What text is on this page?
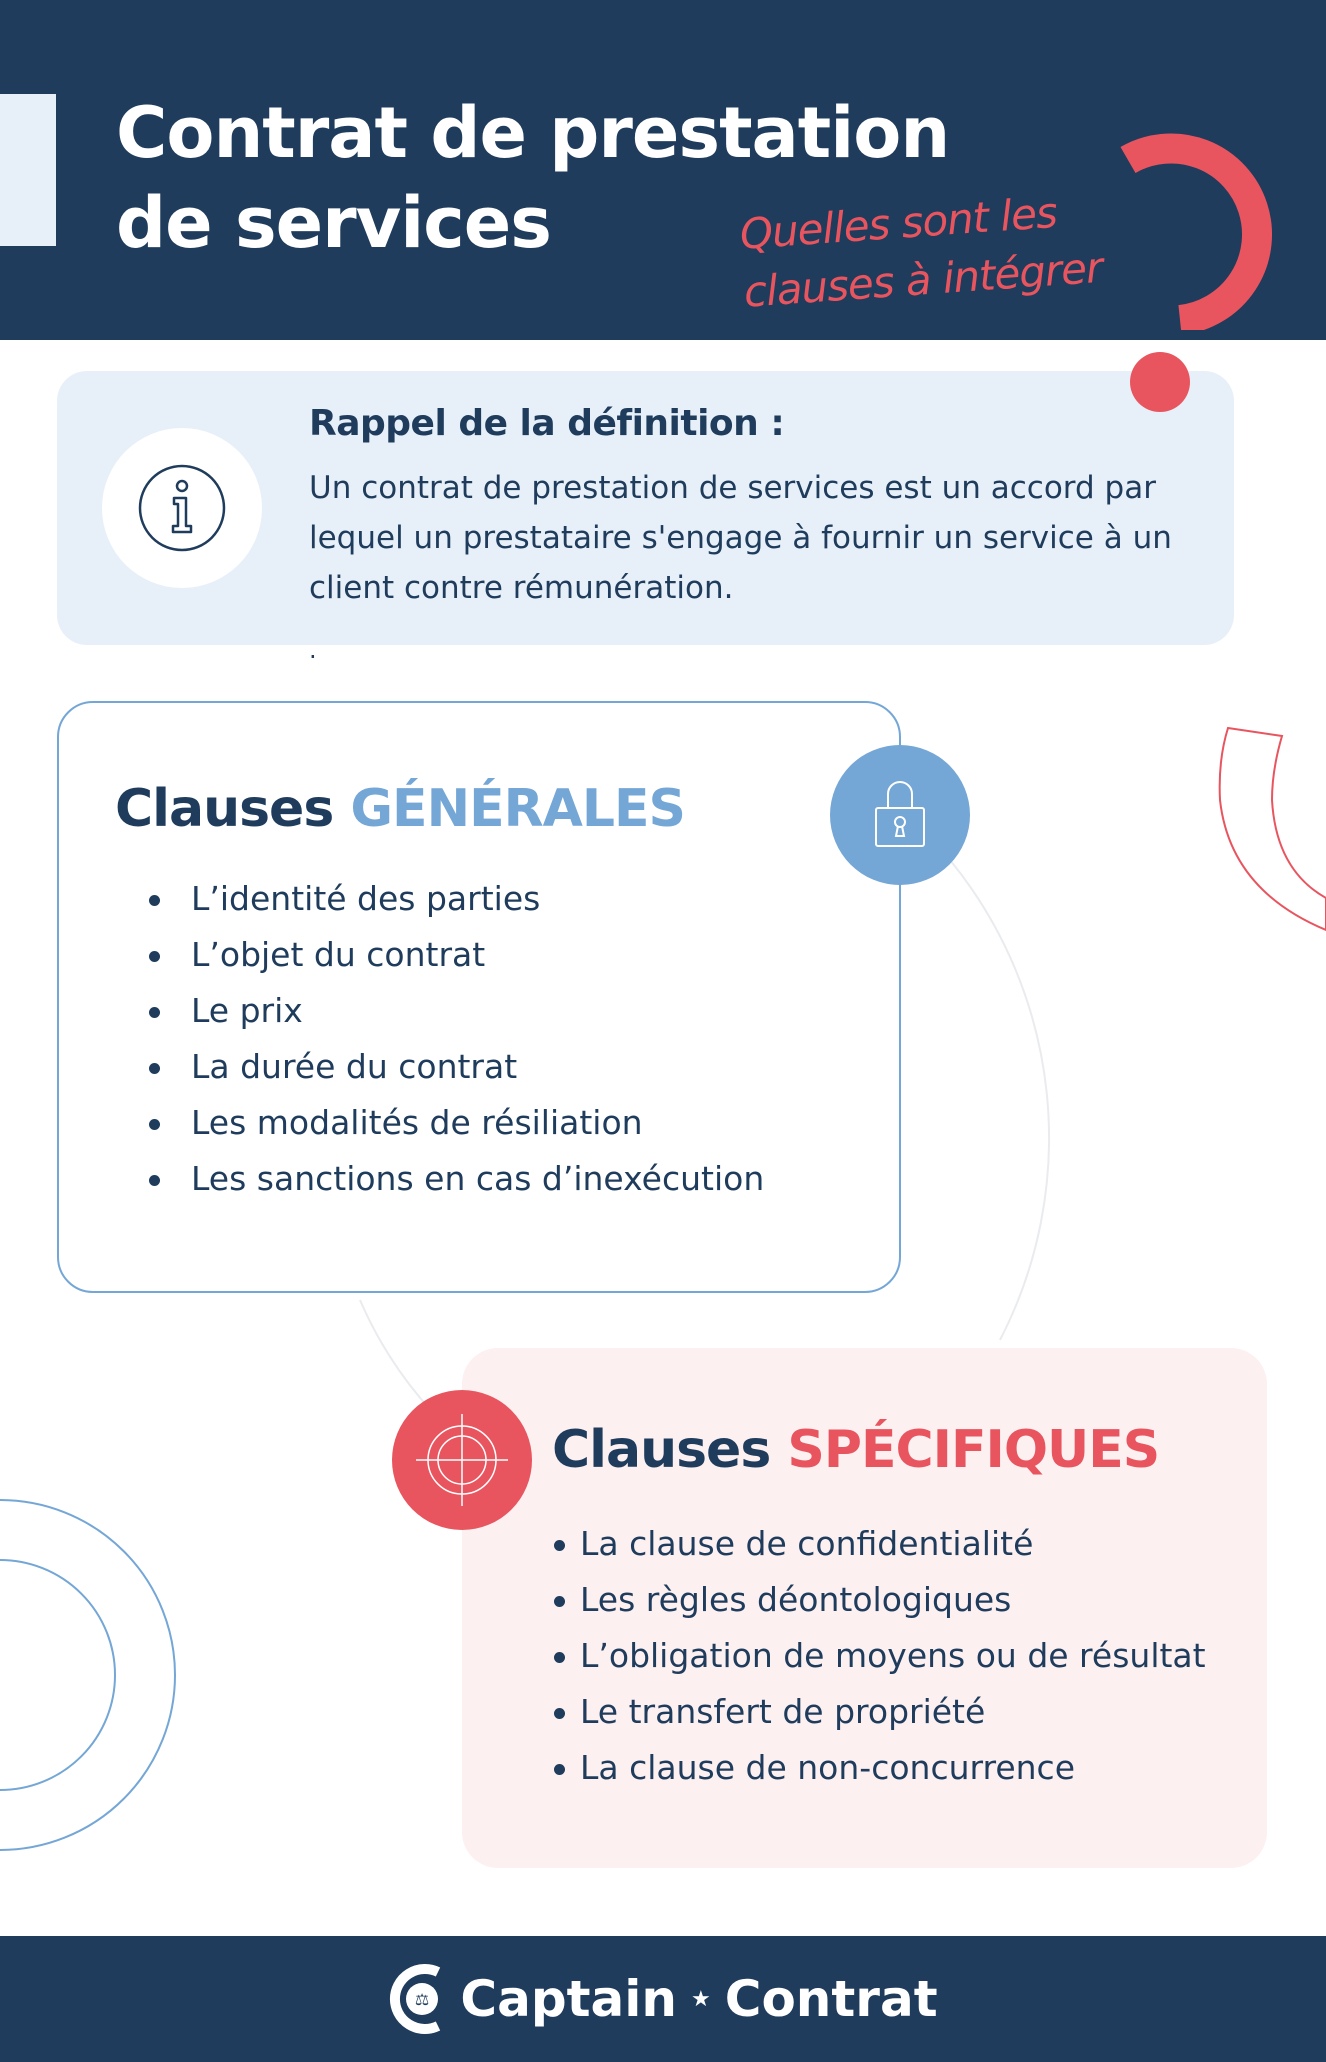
Contrat de prestation
de services	Quelles sont les
clauses à intégrer
Rappel de la définition :

Un contrat de prestation de services est un accord par lequel un prestataire s'engage à fournir un service à un client contre rémunération.

.
Clauses GÉNÉRALES
L’identité des parties
L’objet du contrat
Le prix
La durée du contrat
Les modalités de résiliation
Les sanctions en cas d’inexécution
Clauses SPÉCIFIQUES
La clause de confidentialité
Les règles déontologiques
L’obligation de moyens ou de résultat
Le transfert de propriété
La clause de non-concurrence
⚖ Captain ★ Contrat
